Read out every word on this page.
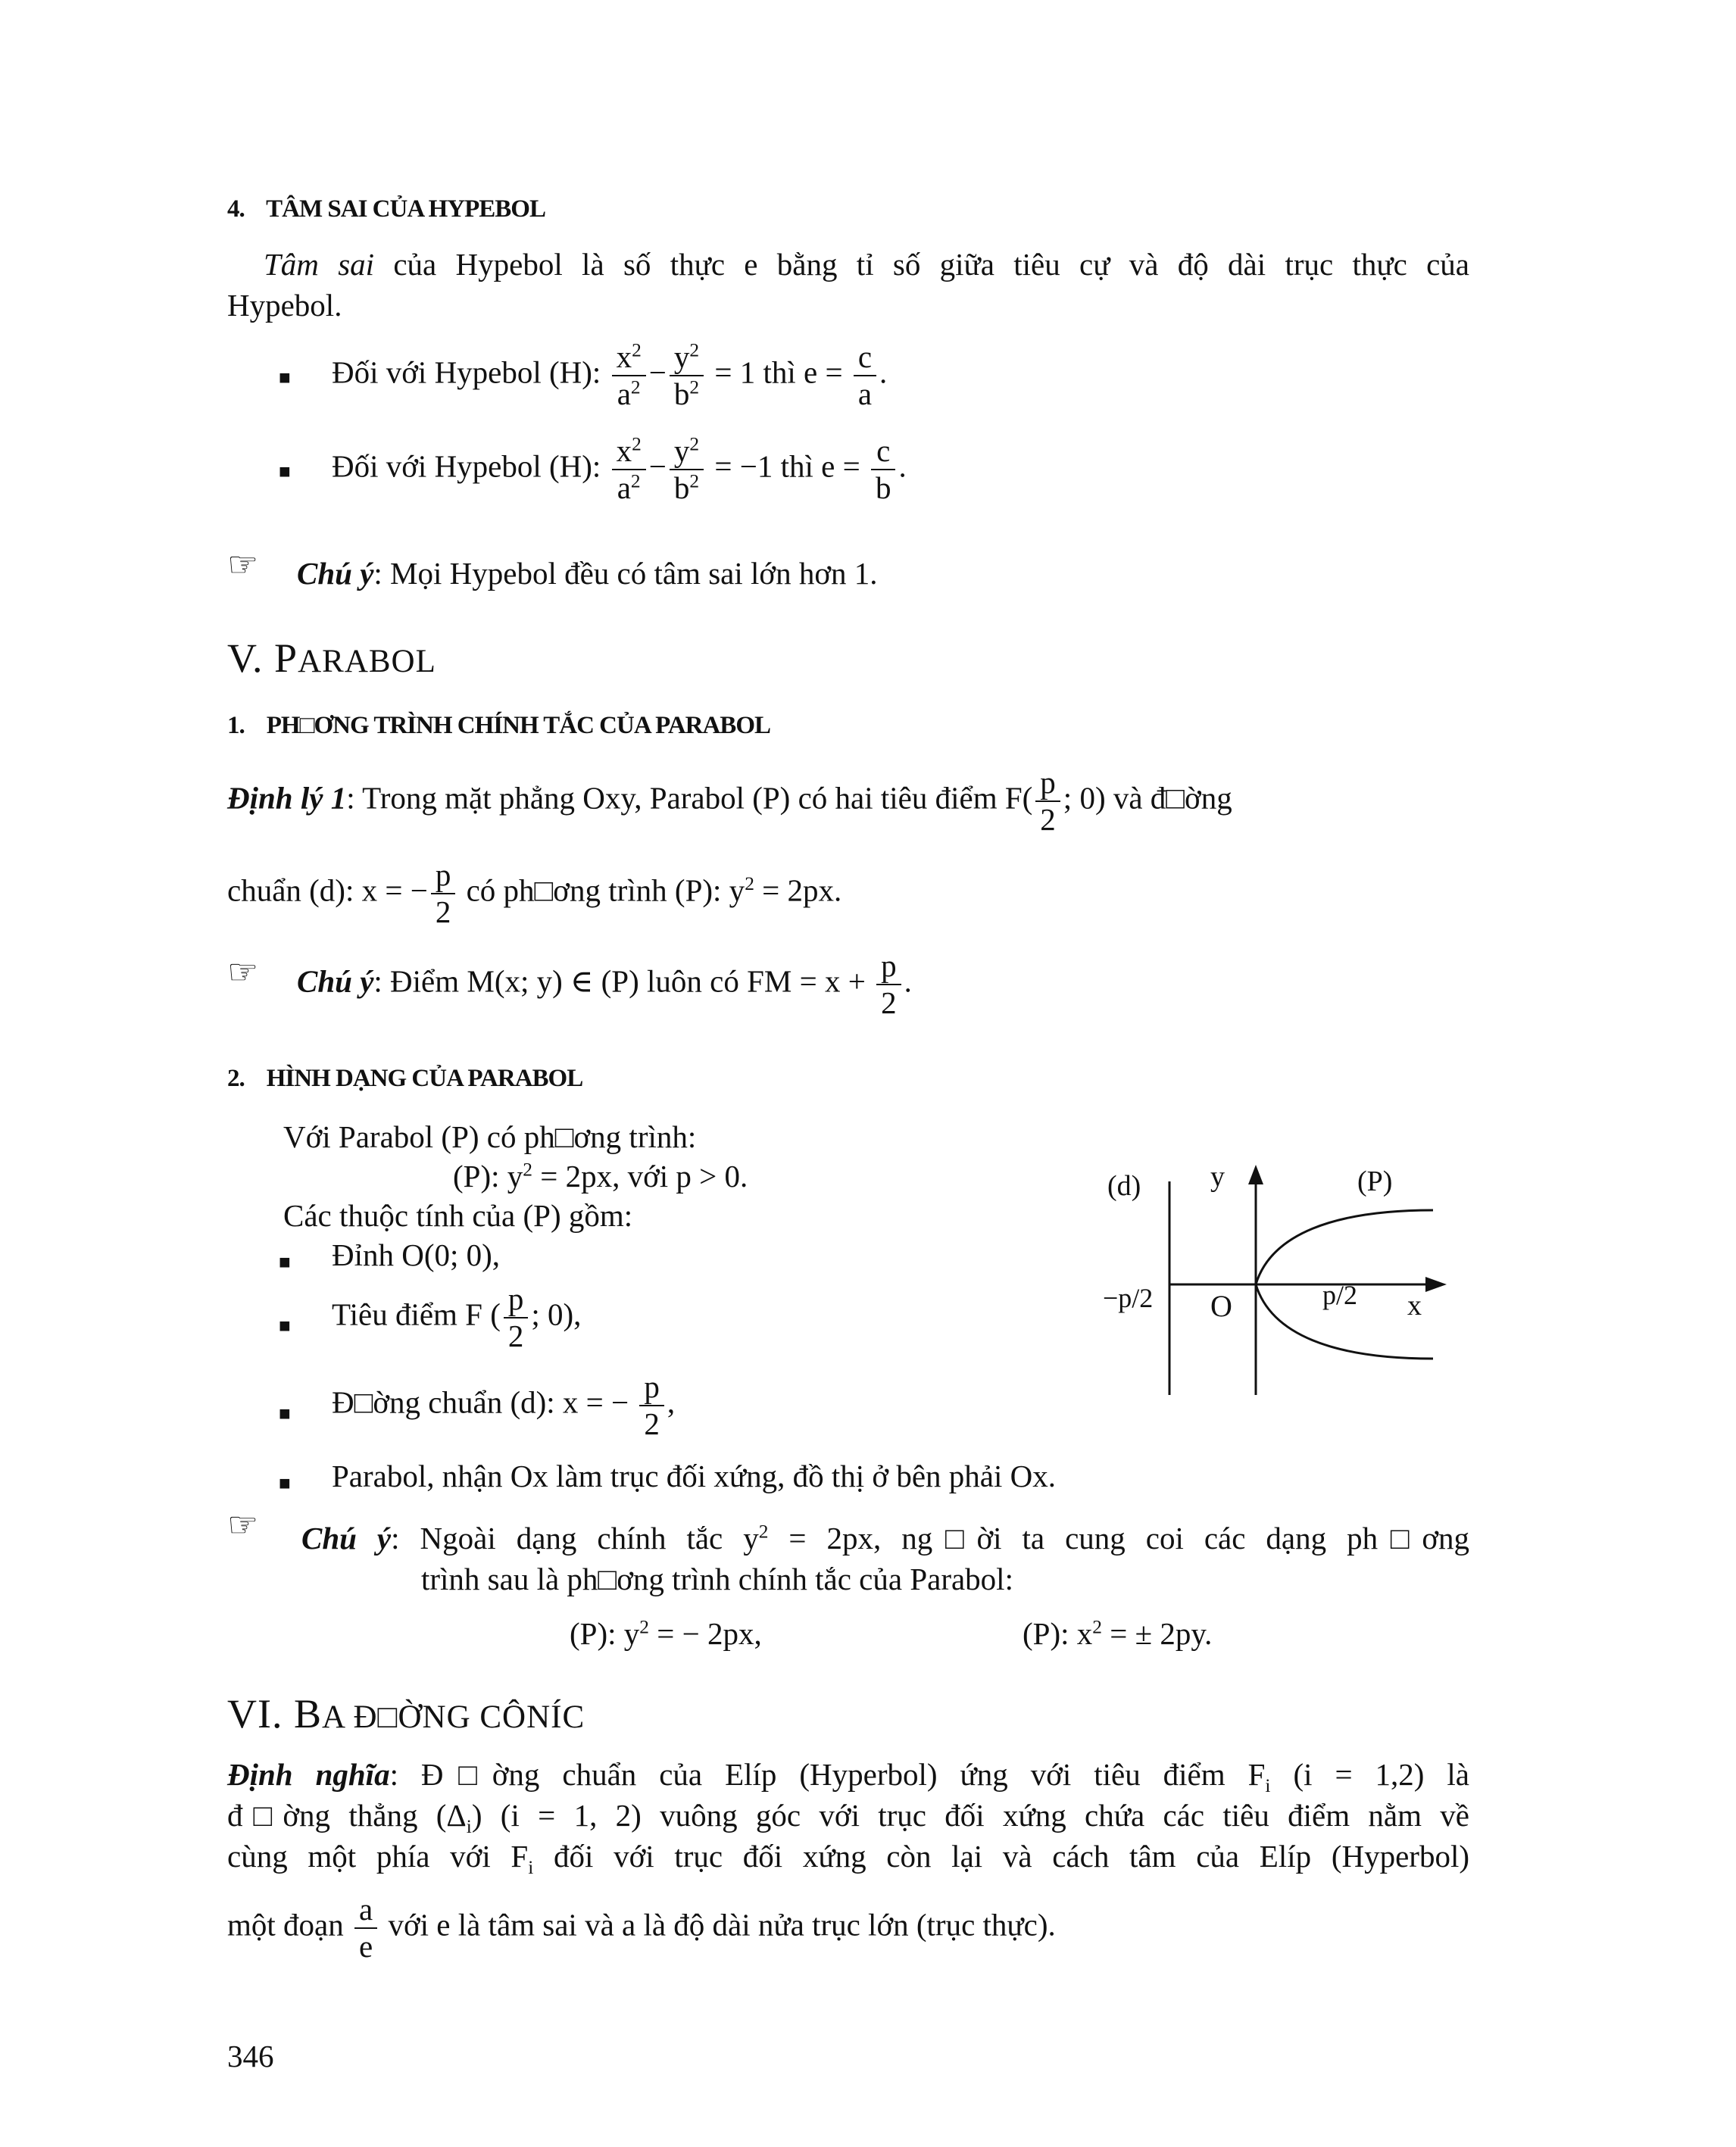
4. TÂM SAI CỦA HYPEBOL
Tâm sai của Hypebol là số thực e bằng tỉ số giữa tiêu cự và độ dài trục thực của
Hypebol.
■ Đối với Hypebol (H): $\frac{x^2}{a^2} - \frac{y^2}{b^2} = 1$ thì $e = \frac{c}{a}$ .
■ Đối với Hypebol (H): $\frac{x^2}{a^2} - \frac{y^2}{b^2} = -1$ thì $e = \frac{c}{b}$ .
☞ Chú ý: Mọi Hypebol đều có tâm sai lớn hơn 1.
V. PARABOL
1. PH□ƠNG TRÌNH CHÍNH TẮC CỦA PARABOL
Định lý 1: Trong mặt phẳng Oxy, Parabol (P) có hai tiêu điểm $F( \frac{p}{2}$ ; 0) và đ□ờng
chuẩn (d): x = − $\frac{p}{2}$ có ph□ơng trình (P): $y^2 = 2px$.
☞ Chú ý: Điểm M(x; y) ∈ (P) luôn có FM = $x + \frac{p}{2}$ .
2. HÌNH DẠNG CỦA PARABOL
Với Parabol (P) có ph□ơng trình:
(P): $y^2 = 2px$, với p > 0.
Các thuộc tính của (P) gồm:
■ Đỉnh O(0; 0),
■ Tiêu điểm F ( $\frac{p}{2}$ ; 0),
■ Đ□ờng chuẩn (d): x = − $\frac{p}{2}$ ,
■ Parabol, nhận Ox làm trục đối xứng, đồ thị ở bên phải Ox.
(d) y	(P)
−p/2 O	p/2 x
☞ Chú ý: Ngoài dạng chính tắc $y^2 = 2px$, ng□ời ta cung coi các dạng ph□ơng
trình sau là ph□ơng trình chính tắc của Parabol:
(P): $y^2$ = − 2px,	(P): $x^2$ = ± 2py.
VI. BA Đ□ỜNG CÔNÍC
Định nghĩa: Đ□ờng chuẩn của Elíp (Hyperbol) ứng với tiêu điểm $F_i$ (i = 1,2) là
đ□ờng thẳng $(\Delta_i) (i = 1$, 2) vuông góc với trục đối xứng chứa các tiêu điểm nằm về
cùng một phía với $F_i$ đối với trục đối xứng còn lại và cách tâm của Elíp (Hyperbol)
một đoạn $\frac{a}{e}$ với e là tâm sai và a là độ dài nửa trục lớn (trục thực).
346
